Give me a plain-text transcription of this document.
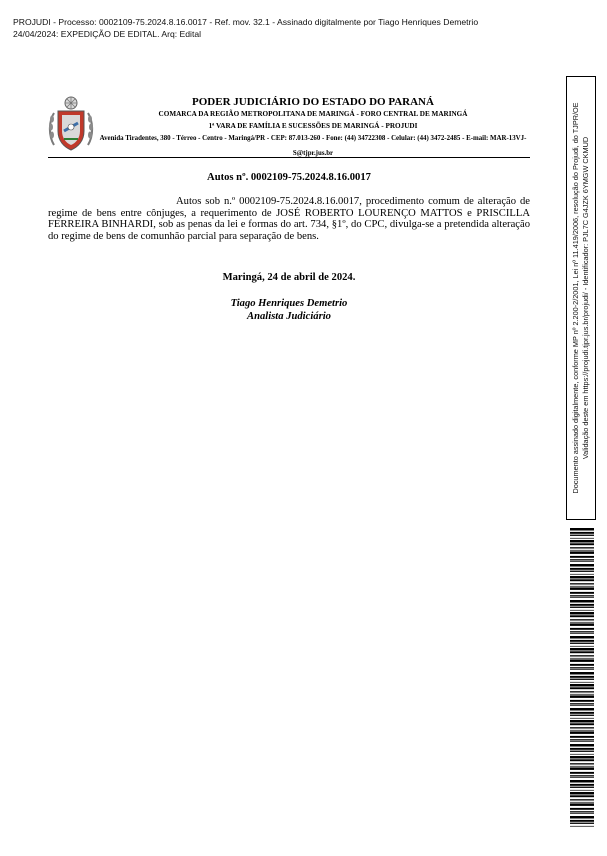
PROJUDI - Processo: 0002109-75.2024.8.16.0017 - Ref. mov. 32.1 - Assinado digitalmente por Tiago Henriques Demetrio
24/04/2024: EXPEDIÇÃO DE EDITAL. Arq: Edital
PODER JUDICIÁRIO DO ESTADO DO PARANÁ
COMARCA DA REGIÃO METROPOLITANA DE MARINGÁ - FORO CENTRAL DE MARINGÁ
1ª VARA DE FAMÍLIA E SUCESSÕES DE MARINGÁ - PROJUDI
Avenida Tiradentes, 380 - Térreo - Centro - Maringá/PR - CEP: 87.013-260 - Fone: (44) 34722308 - Celular: (44) 3472-2485 - E-mail: MAR-13VJ-S@tjpr.jus.br
Autos nº. 0002109-75.2024.8.16.0017
Autos sob n.º 0002109-75.2024.8.16.0017, procedimento comum de alteração de regime de bens entre cônjuges, a requerimento de JOSÉ ROBERTO LOURENÇO MATTOS e PRISCILLA FERREIRA BINHARDI, sob as penas da lei e formas do art. 734, §1º, do CPC, divulga-se a pretendida alteração do regime de bens de comunhão parcial para separação de bens.
Maringá, 24 de abril de 2024.
Tiago Henriques Demetrio
Analista Judiciário	Documento assinado digitalmente, conforme MP nº 2.200-2/2001, Lei nº 11.419/2006, resolução do Projudi, do TJPR/OE Validação deste em https://projudi.tjpr.jus.br/projudi/ - Identificador: PJL7C G4JZK 6YMGW CKMUD
